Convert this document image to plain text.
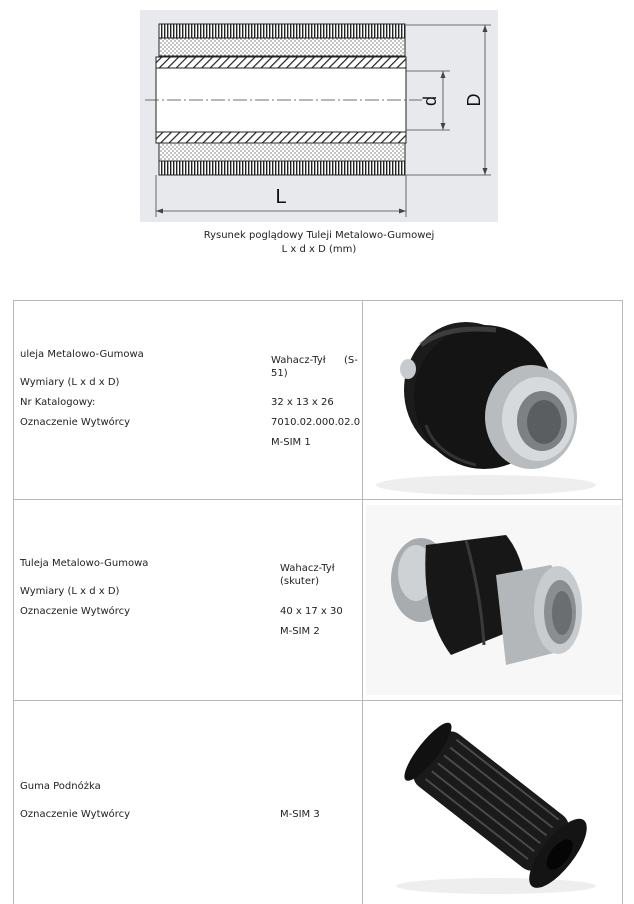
L
d D
Rysunek poglądowy Tuleji Metalowo-Gumowej
L x d x D (mm)
uleja Metalowo-Gumowa
Wymiary (L x d x D)
Nr Katalogowy:
Oznaczenie Wytwórcy
Wahacz-Tył (S-
51)
32 x 13 x 26
7010.02.000.02.0
M-SIM 1
Tuleja Metalowo-Gumowa
Wymiary (L x d x D)
Oznaczenie Wytwórcy
Wahacz-Tył
(skuter)
40 x 17 x 30
M-SIM 2
Guma Podnóżka
Oznaczenie Wytwórcy	M-SIM 3
